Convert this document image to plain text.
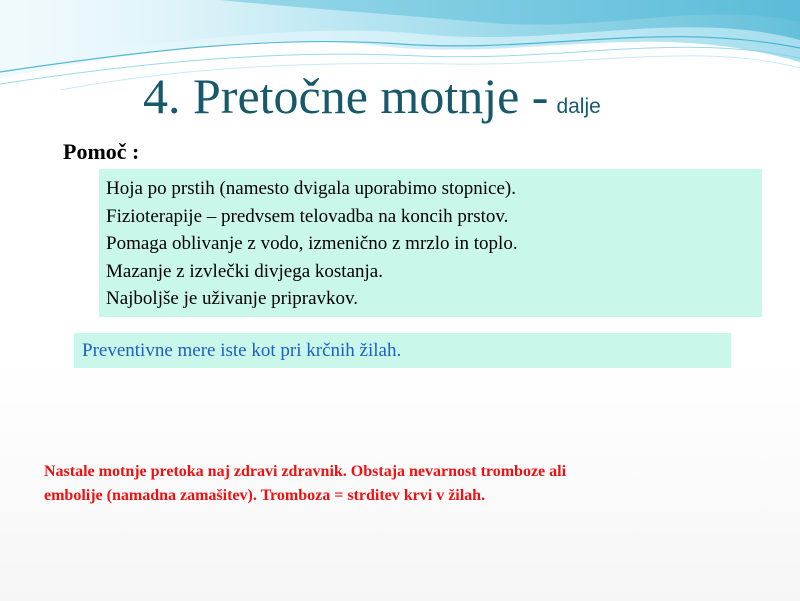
4. Pretočne motnje - dalje
Pomoč :
Hoja po prstih (namesto dvigala uporabimo stopnice).
Fizioterapije – predvsem telovadba na koncih prstov.
Pomaga oblivanje z vodo, izmenično z mrzlo in toplo.
Mazanje z izvlečki divjega kostanja.
Najboljše je uživanje pripravkov.
Preventivne mere iste kot pri krčnih žilah.
Nastale motnje pretoka naj zdravi zdravnik. Obstaja nevarnost tromboze ali
embolije (namadna zamašitev). Tromboza = strditev krvi v žilah.
